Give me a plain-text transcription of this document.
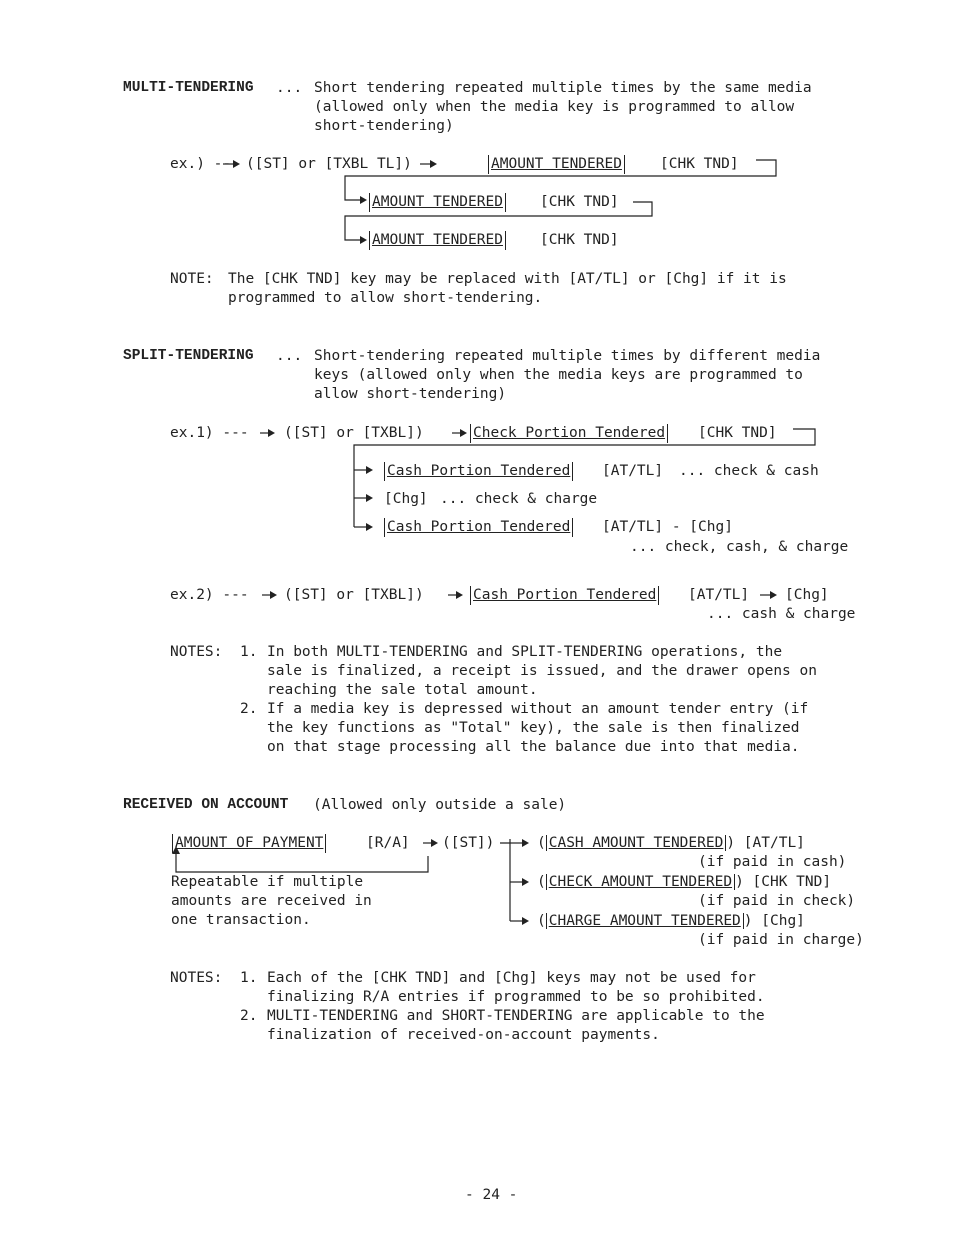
MULTI-TENDERING ... Short tendering repeated multiple times by the same media
(allowed only when the media key is programmed to allow
short-tendering)
ex.) --- ([ST] or [TXBL TL])	AMOUNT TENDERED	[CHK TND]
AMOUNT TENDERED	[CHK TND]
AMOUNT TENDERED	[CHK TND]
NOTE: The [CHK TND] key may be replaced with [AT/TL] or [Chg] if it is
programmed to allow short-tendering.
SPLIT-TENDERING ... Short-tendering repeated multiple times by different media
keys (allowed only when the media keys are programmed to
allow short-tendering)
ex.1) --- ([ST] or [TXBL])	Check Portion Tendered [CHK TND]
Cash Portion Tendered [AT/TL] ... check & cash
[Chg] ... check & charge
Cash Portion Tendered [AT/TL] - [Chg]
... check, cash, & charge
ex.2) --- ([ST] or [TXBL])	Cash Portion Tendered [AT/TL] [Chg]
... cash & charge
NOTES: 1. In both MULTI-TENDERING and SPLIT-TENDERING operations, the
sale is finalized, a receipt is issued, and the drawer opens on
reaching the sale total amount.
2. If a media key is depressed without an amount tender entry (if
the key functions as "Total" key), the sale is then finalized
on that stage processing all the balance due into that media.
RECEIVED ON ACCOUNT (Allowed only outside a sale)
AMOUNT OF PAYMENT	[R/A] ([ST])
Repeatable if multiple
amounts are received in
one transaction.
( CASH AMOUNT TENDERED ) [AT/TL]
(if paid in cash)
( CHECK AMOUNT TENDERED ) [CHK TND]
(if paid in check)
( CHARGE AMOUNT TENDERED ) [Chg]
(if paid in charge)
NOTES: 1. Each of the [CHK TND] and [Chg] keys may not be used for
finalizing R/A entries if programmed to be so prohibited.
2. MULTI-TENDERING and SHORT-TENDERING are applicable to the
finalization of received-on-account payments.
- 24 -
